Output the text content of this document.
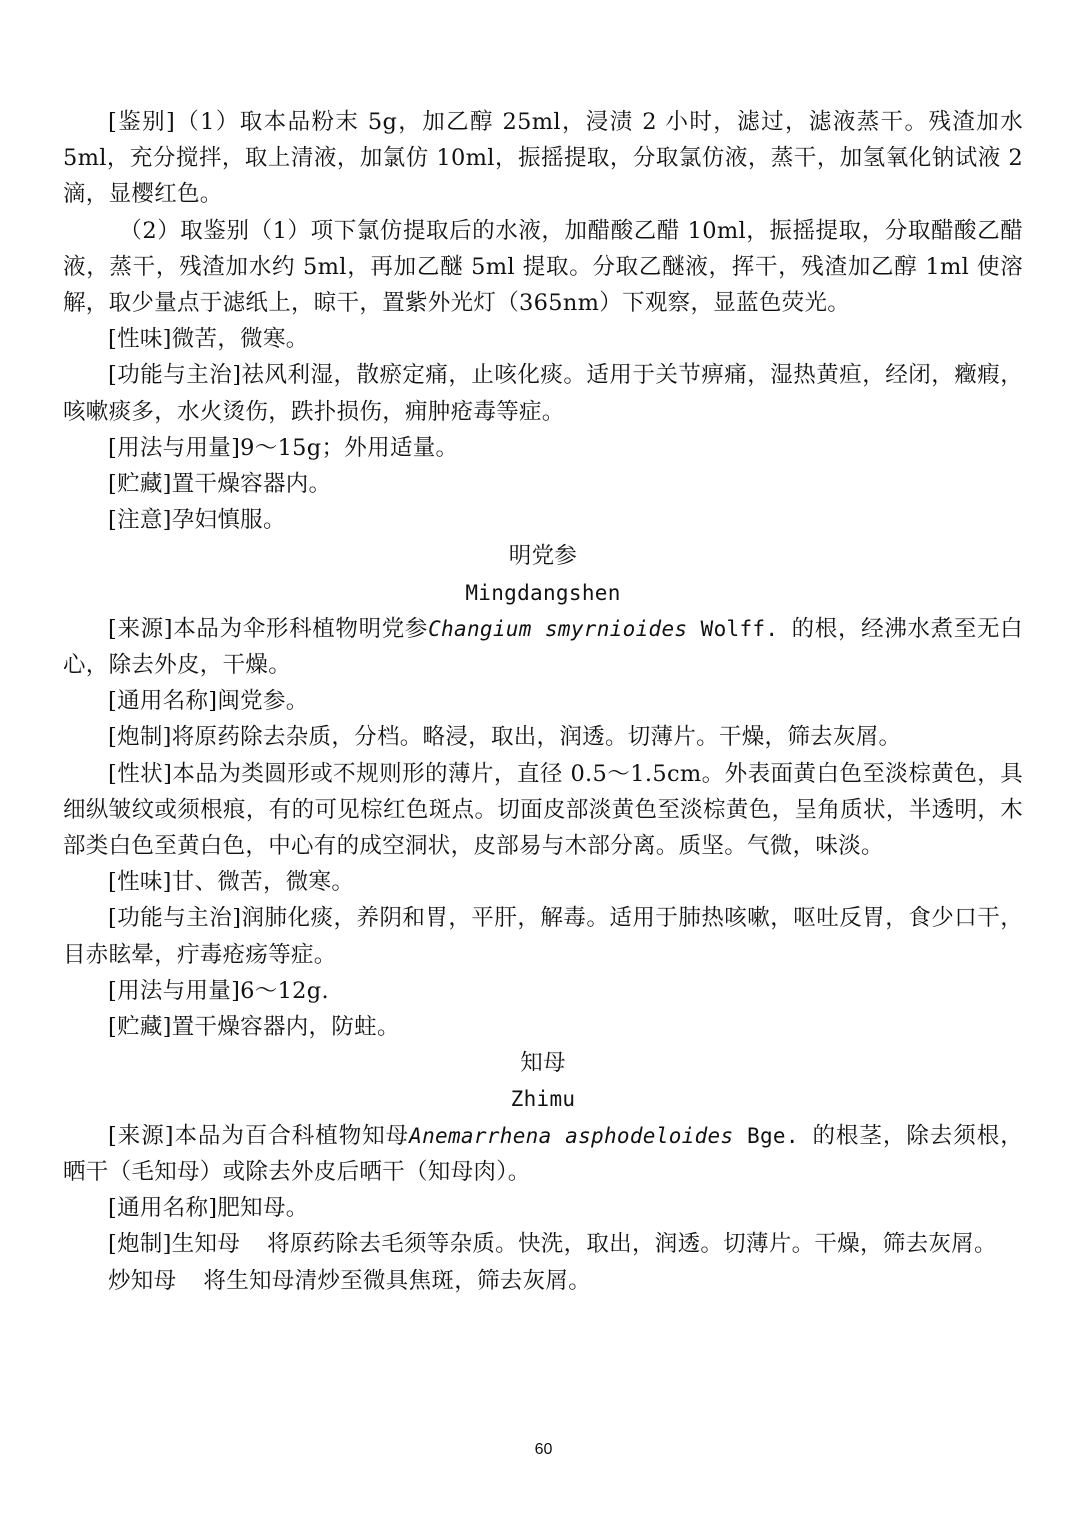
[鉴别]（1）取本品粉末 5g，加乙醇 25ml，浸渍 2 小时，滤过，滤液蒸干。残渣加水 5ml，充分搅拌，取上清液，加氯仿 10ml，振摇提取，分取氯仿液，蒸干，加氢氧化钠试液 2 滴，显樱红色。

（2）取鉴别（1）项下氯仿提取后的水液，加醋酸乙醋 10ml，振摇提取，分取醋酸乙醋液，蒸干，残渣加水约 5ml，再加乙醚 5ml 提取。分取乙醚液，挥干，残渣加乙醇 1ml 使溶解，取少量点于滤纸上，晾干，置紫外光灯（365nm）下观察，显蓝色荧光。

[性味]微苦，微寒。

[功能与主治]祛风利湿，散瘀定痛，止咳化痰。适用于关节痹痛，湿热黄疸，经闭，癥瘕，咳嗽痰多，水火烫伤，跌扑损伤，痈肿疮毒等症。

[用法与用量]9～15g；外用适量。

[贮藏]置干燥容器内。

[注意]孕妇慎服。

明党参

Mingdangshen

[来源]本品为伞形科植物明党参Changium smyrnioides Wolff. 的根，经沸水煮至无白心，除去外皮，干燥。

[通用名称]闽党参。

[炮制]将原药除去杂质，分档。略浸，取出，润透。切薄片。干燥，筛去灰屑。

[性状]本品为类圆形或不规则形的薄片，直径 0.5～1.5cm。外表面黄白色至淡棕黄色，具细纵皱纹或须根痕，有的可见棕红色斑点。切面皮部淡黄色至淡棕黄色，呈角质状，半透明，木部类白色至黄白色，中心有的成空洞状，皮部易与木部分离。质坚。气微，味淡。

[性味]甘、微苦，微寒。

[功能与主治]润肺化痰，养阴和胃，平肝，解毒。适用于肺热咳嗽，呕吐反胃，食少口干，目赤眩晕，疔毒疮疡等症。

[用法与用量]6～12g.

[贮藏]置干燥容器内，防蛀。

知母

Zhimu

[来源]本品为百合科植物知母Anemarrhena asphodeloides Bge. 的根茎，除去须根，晒干（毛知母）或除去外皮后晒干（知母肉）。

[通用名称]肥知母。

[炮制]生知母 将原药除去毛须等杂质。快洗，取出，润透。切薄片。干燥，筛去灰屑。

炒知母 将生知母清炒至微具焦斑，筛去灰屑。

60
